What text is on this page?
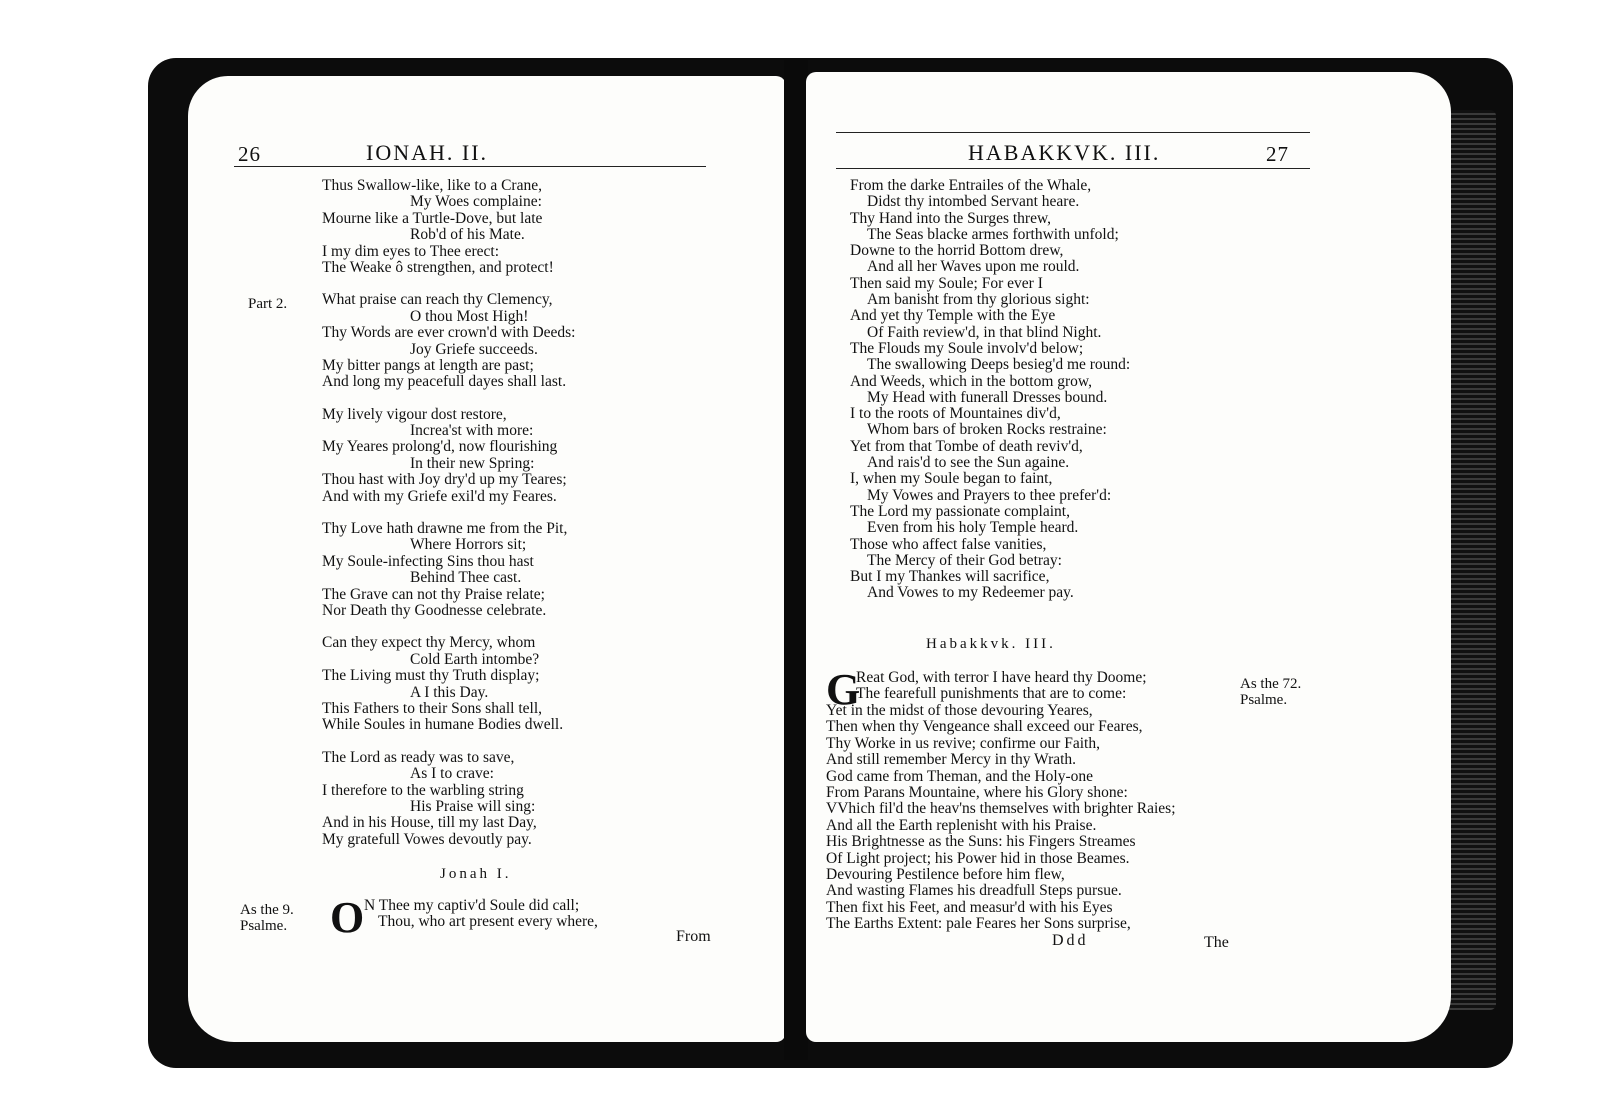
26	IONAH. II.
Part 2.
Thus Swallow-like, like to a Crane,
My Woes complaine:
Mourne like a Turtle-Dove, but late
Rob'd of his Mate.
I my dim eyes to Thee erect:
The Weake ô strengthen, and protect!
What praise can reach thy Clemency,
O thou Most High!
Thy Words are ever crown'd with Deeds:
Joy Griefe succeeds.
My bitter pangs at length are past;
And long my peacefull dayes shall last.
My lively vigour dost restore,
Increa'st with more:
My Yeares prolong'd, now flourishing
In their new Spring:
Thou hast with Joy dry'd up my Teares;
And with my Griefe exil'd my Feares.
Thy Love hath drawne me from the Pit,
Where Horrors sit;
My Soule-infecting Sins thou hast
Behind Thee cast.
The Grave can not thy Praise relate;
Nor Death thy Goodnesse celebrate.
Can they expect thy Mercy, whom
Cold Earth intombe?
The Living must thy Truth display;
A I this Day.
This Fathers to their Sons shall tell,
While Soules in humane Bodies dwell.
The Lord as ready was to save,
As I to crave:
I therefore to the warbling string
His Praise will sing:
And in his House, till my last Day,
My gratefull Vowes devoutly pay.
Jonah I.
As the 9.
Psalme. O N Thee my captiv'd Soule did call;
Thou, who art present every where,
From
HABAKKVK. III.	27
From the darke Entrailes of the Whale,
Didst thy intombed Servant heare.
Thy Hand into the Surges threw,
The Seas blacke armes forthwith unfold;
Downe to the horrid Bottom drew,
And all her Waves upon me rould.
Then said my Soule; For ever I
Am banisht from thy glorious sight:
And yet thy Temple with the Eye
Of Faith review'd, in that blind Night.
The Flouds my Soule involv'd below;
The swallowing Deeps besieg'd me round:
And Weeds, which in the bottom grow,
My Head with funerall Dresses bound.
I to the roots of Mountaines div'd,
Whom bars of broken Rocks restraine:
Yet from that Tombe of death reviv'd,
And rais'd to see the Sun againe.
I, when my Soule began to faint,
My Vowes and Prayers to thee prefer'd:
The Lord my passionate complaint,
Even from his holy Temple heard.
Those who affect false vanities,
The Mercy of their God betray:
But I my Thankes will sacrifice,
And Vowes to my Redeemer pay.
Habakkvk. III.
As the 72.
Psalme.
G
Reat God, with terror I have heard thy Doome;
The fearefull punishments that are to come:
Yet in the midst of those devouring Yeares,
Then when thy Vengeance shall exceed our Feares,
Thy Worke in us revive; confirme our Faith,
And still remember Mercy in thy Wrath.
God came from Theman, and the Holy-one
From Parans Mountaine, where his Glory shone:
VVhich fil'd the heav'ns themselves with brighter Raies;
And all the Earth replenisht with his Praise.
His Brightnesse as the Suns: his Fingers Streames
Of Light project; his Power hid in those Beames.
Devouring Pestilence before him flew,
And wasting Flames his dreadfull Steps pursue.
Then fixt his Feet, and measur'd with his Eyes
The Earths Extent: pale Feares her Sons surprise,
Ddd	The
